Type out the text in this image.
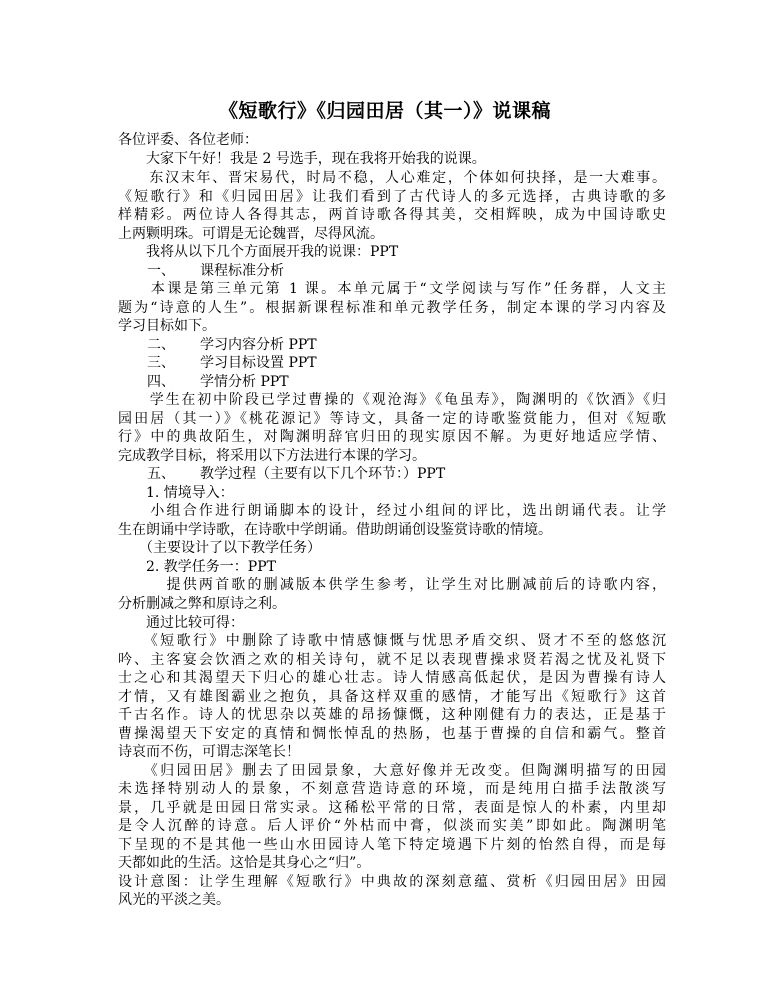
《短歌行》《归园田居（其一）》说课稿
各位评委、各位老师：
　　大家下午好！我是 2 号选手，现在我将开始我的说课。
　　东汉末年、晋宋易代，时局不稳，人心难定，个体如何抉择，是一大难事。
《短歌行》和《归园田居》让我们看到了古代诗人的多元选择，古典诗歌的多
样精彩。两位诗人各得其志，两首诗歌各得其美，交相辉映，成为中国诗歌史
上两颗明珠。可谓是无论魏晋，尽得风流。
　　我将从以下几个方面展开我的说课：PPT
一、 课程标准分析
　　本课是第三单元第 1 课。本单元属于“文学阅读与写作”任务群，人文主
题为“诗意的人生”。根据新课程标准和单元教学任务，制定本课的学习内容及
学习目标如下。
二、 学习内容分析 PPT
三、 学习目标设置 PPT
四、 学情分析 PPT
　　学生在初中阶段已学过曹操的《观沧海》《龟虽寿》，陶渊明的《饮酒》《归
园田居（其一）》《桃花源记》等诗文，具备一定的诗歌鉴赏能力，但对《短歌
行》中的典故陌生，对陶渊明辞官归田的现实原因不解。为更好地适应学情、
完成教学目标，将采用以下方法进行本课的学习。
五、 教学过程（主要有以下几个环节：）PPT
　　1. 情境导入：
　　小组合作进行朗诵脚本的设计，经过小组间的评比，选出朗诵代表。让学
生在朗诵中学诗歌，在诗歌中学朗诵。借助朗诵创设鉴赏诗歌的情境。
　　（主要设计了以下教学任务）
　　2. 教学任务一：PPT
　　　提供两首歌的删减版本供学生参考，让学生对比删减前后的诗歌内容，
分析删减之弊和原诗之利。
　　通过比较可得：
　　《短歌行》中删除了诗歌中情感慷慨与忧思矛盾交织、贤才不至的悠悠沉
吟、主客宴会饮酒之欢的相关诗句，就不足以表现曹操求贤若渴之忧及礼贤下
士之心和其渴望天下归心的雄心壮志。诗人情感高低起伏，是因为曹操有诗人
才情，又有雄图霸业之抱负，具备这样双重的感情，才能写出《短歌行》这首
千古名作。诗人的忧思杂以英雄的昂扬慷慨，这种刚健有力的表达，正是基于
曹操渴望天下安定的真情和惆怅悼乱的热肠，也基于曹操的自信和霸气。整首
诗哀而不伤，可谓志深笔长！
　　《归园田居》删去了田园景象，大意好像并无改变。但陶渊明描写的田园
未选择特别动人的景象，不刻意营造诗意的环境，而是纯用白描手法散淡写
景，几乎就是田园日常实录。这稀松平常的日常，表面是惊人的朴素，内里却
是令人沉醉的诗意。后人评价“外枯而中膏，似淡而实美”即如此。陶渊明笔
下呈现的不是其他一些山水田园诗人笔下特定境遇下片刻的怡然自得，而是每
天都如此的生活。这恰是其身心之“归”。
设计意图：让学生理解《短歌行》中典故的深刻意蕴、赏析《归园田居》田园
风光的平淡之美。
